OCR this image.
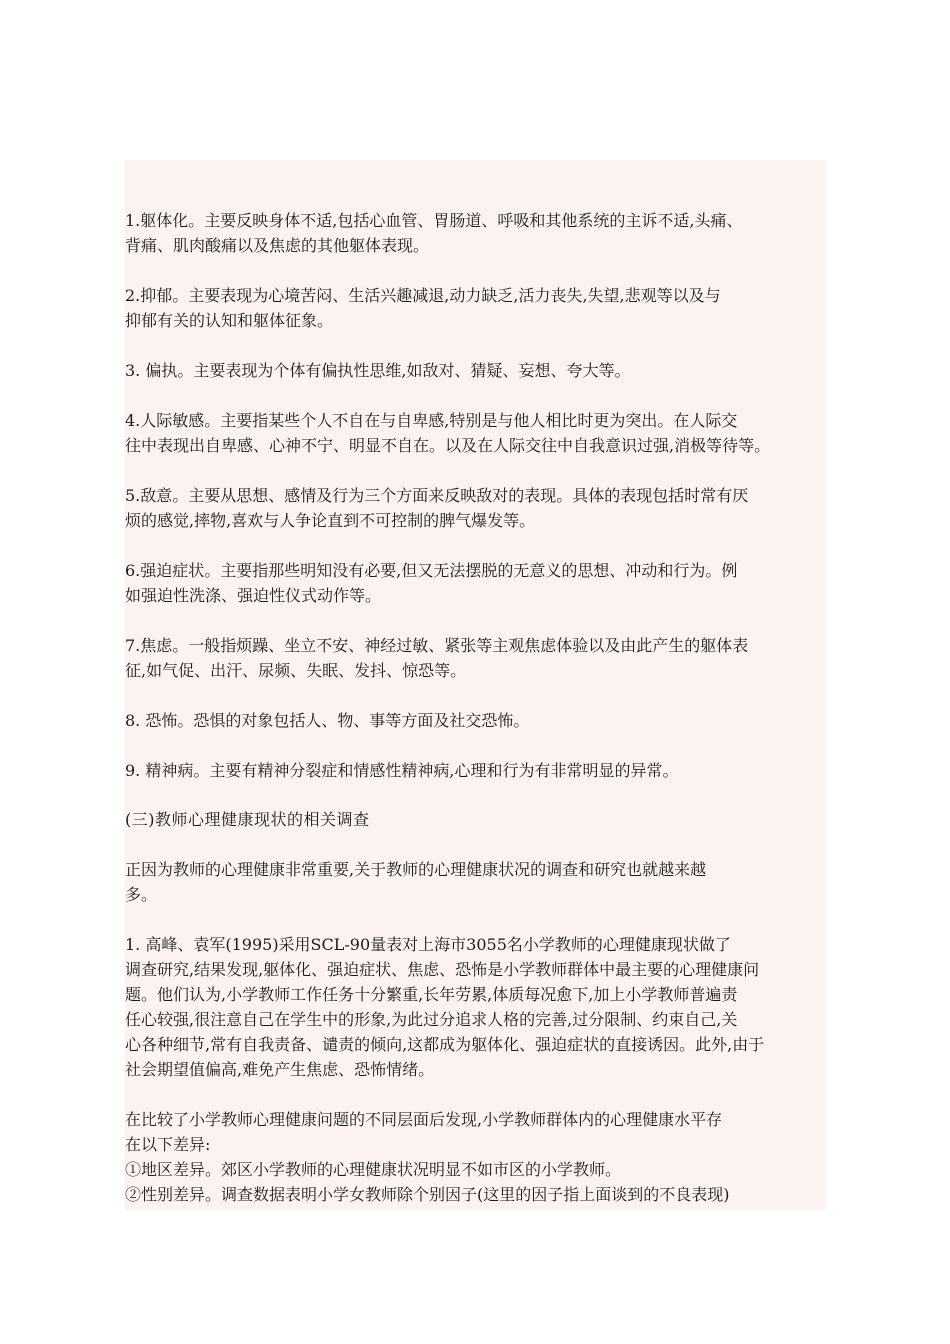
1.躯体化。主要反映身体不适,包括心血管、胃肠道、呼吸和其他系统的主诉不适,头痛、
背痛、肌肉酸痛以及焦虑的其他躯体表现。
2.抑郁。主要表现为心境苦闷、生活兴趣减退,动力缺乏,活力丧失,失望,悲观等以及与
抑郁有关的认知和躯体征象。
3. 偏执。主要表现为个体有偏执性思维,如敌对、猜疑、妄想、夸大等。
4.人际敏感。主要指某些个人不自在与自卑感,特别是与他人相比时更为突出。在人际交
往中表现出自卑感、心神不宁、明显不自在。以及在人际交往中自我意识过强,消极等待等。
5.敌意。主要从思想、感情及行为三个方面来反映敌对的表现。具体的表现包括时常有厌
烦的感觉,摔物,喜欢与人争论直到不可控制的脾气爆发等。
6.强迫症状。主要指那些明知没有必要,但又无法摆脱的无意义的思想、冲动和行为。例
如强迫性洗涤、强迫性仪式动作等。
7.焦虑。一般指烦躁、坐立不安、神经过敏、紧张等主观焦虑体验以及由此产生的躯体表
征,如气促、出汗、尿频、失眠、发抖、惊恐等。
8. 恐怖。恐惧的对象包括人、物、事等方面及社交恐怖。
9. 精神病。主要有精神分裂症和情感性精神病,心理和行为有非常明显的异常。
(三)教师心理健康现状的相关调查
正因为教师的心理健康非常重要,关于教师的心理健康状况的调查和研究也就越来越
多。
1. 高峰、袁军(1995)采用SCL-90量表对上海市3055名小学教师的心理健康现状做了
调查研究,结果发现,躯体化、强迫症状、焦虑、恐怖是小学教师群体中最主要的心理健康问
题。他们认为,小学教师工作任务十分繁重,长年劳累,体质每况愈下,加上小学教师普遍责
任心较强,很注意自己在学生中的形象,为此过分追求人格的完善,过分限制、约束自己,关
心各种细节,常有自我责备、谴责的倾向,这都成为躯体化、强迫症状的直接诱因。此外,由于
社会期望值偏高,难免产生焦虑、恐怖情绪。
在比较了小学教师心理健康问题的不同层面后发现,小学教师群体内的心理健康水平存
在以下差异:
①地区差异。郊区小学教师的心理健康状况明显不如市区的小学教师。
②性别差异。调查数据表明小学女教师除个别因子(这里的因子指上面谈到的不良表现)
